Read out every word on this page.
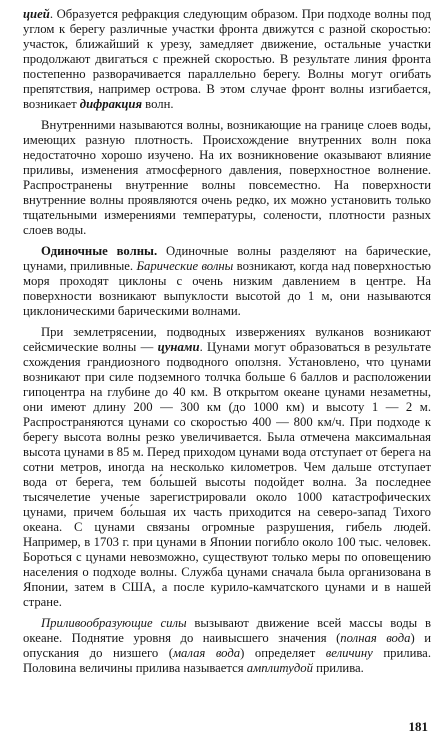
цией. Образуется рефракция следующим образом. При подходе волны под углом к берегу различные участки фронта движутся с разной скоростью: участок, ближайший к урезу, замедляет движение, остальные участки продолжают двигаться с прежней скоростью. В результате линия фронта постепенно разворачивается параллельно берегу. Волны могут огибать препятствия, например острова. В этом случае фронт волны изгибается, возникает дифракция волн.

Внутренними называются волны, возникающие на границе слоев воды, имеющих разную плотность. Происхождение внутренних волн пока недостаточно хорошо изучено. На их возникновение оказывают влияние приливы, изменения атмосферного давления, поверхностное волнение. Распространены внутренние волны повсеместно. На поверхности внутренние волны проявляются очень редко, их можно установить только тщательными измерениями температуры, солености, плотности разных слоев воды.

Одиночные волны. Одиночные волны разделяют на барические, цунами, приливные. Барические волны возникают, когда над поверхностью моря проходят циклоны с очень низким давлением в центре. На поверхности возникают выпуклости высотой до 1 м, они называются циклоническими барическими волнами.

При землетрясении, подводных извержениях вулканов возникают сейсмические волны — цунами. Цунами могут образоваться в результате схождения грандиозного подводного оползня. Установлено, что цунами возникают при силе подземного толчка больше 6 баллов и расположении гипоцентра на глубине до 40 км. В открытом океане цунами незаметны, они имеют длину 200 — 300 км (до 1000 км) и высоту 1 — 2 м. Распространяются цунами со скоростью 400 — 800 км/ч. При подходе к берегу высота волны резко увеличивается. Была отмечена максимальная высота цунами в 85 м. Перед приходом цунами вода отступает от берега на сотни метров, иногда на несколько километров. Чем дальше отступает вода от берега, тем бо́льшей высоты подойдет волна. За последнее тысячелетие ученые зарегистрировали около 1000 катастрофических цунами, причем бо́льшая их часть приходится на северо-запад Тихого океана. С цунами связаны огромные разрушения, гибель людей. Например, в 1703 г. при цунами в Японии погибло около 100 тыс. человек. Бороться с цунами невозможно, существуют только меры по оповещению населения о подходе волны. Служба цунами сначала была организована в Японии, затем в США, а после курило-камчатского цунами и в нашей стране.

Приливообразующие силы вызывают движение всей массы воды в океане. Поднятие уровня до наивысшего значения (полная вода) и опускания до низшего (малая вода) определяет величину прилива. Половина величины прилива называется амплитудой прилива.

181
